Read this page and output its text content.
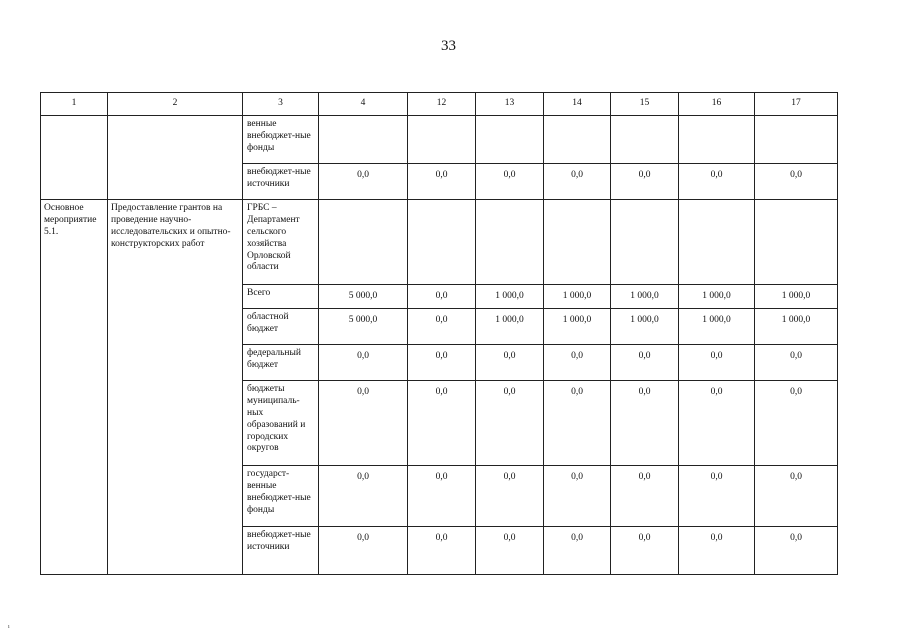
33
1	2	3	4	12	13	14	15	16	17
		венные внебюджет-ные фонды							
		внебюджет-ные источники	0,0	0,0	0,0	0,0	0,0	0,0	0,0
Основное мероприятие 5.1.	Предоставление грантов на проведение научно-исследовательских и опытно-конструкторских работ	ГРБС – Департамент сельского хозяйства Орловской области							
		Всего	5 000,0	0,0	1 000,0	1 000,0	1 000,0	1 000,0	1 000,0
		областной бюджет	5 000,0	0,0	1 000,0	1 000,0	1 000,0	1 000,0	1 000,0
		федеральный бюджет	0,0	0,0	0,0	0,0	0,0	0,0	0,0
		бюджеты муниципаль-ных образований и городских округов	0,0	0,0	0,0	0,0	0,0	0,0	0,0
		государст-венные внебюджет-ные фонды	0,0	0,0	0,0	0,0	0,0	0,0	0,0
		внебюджет-ные источники	0,0	0,0	0,0	0,0	0,0	0,0	0,0
ı
